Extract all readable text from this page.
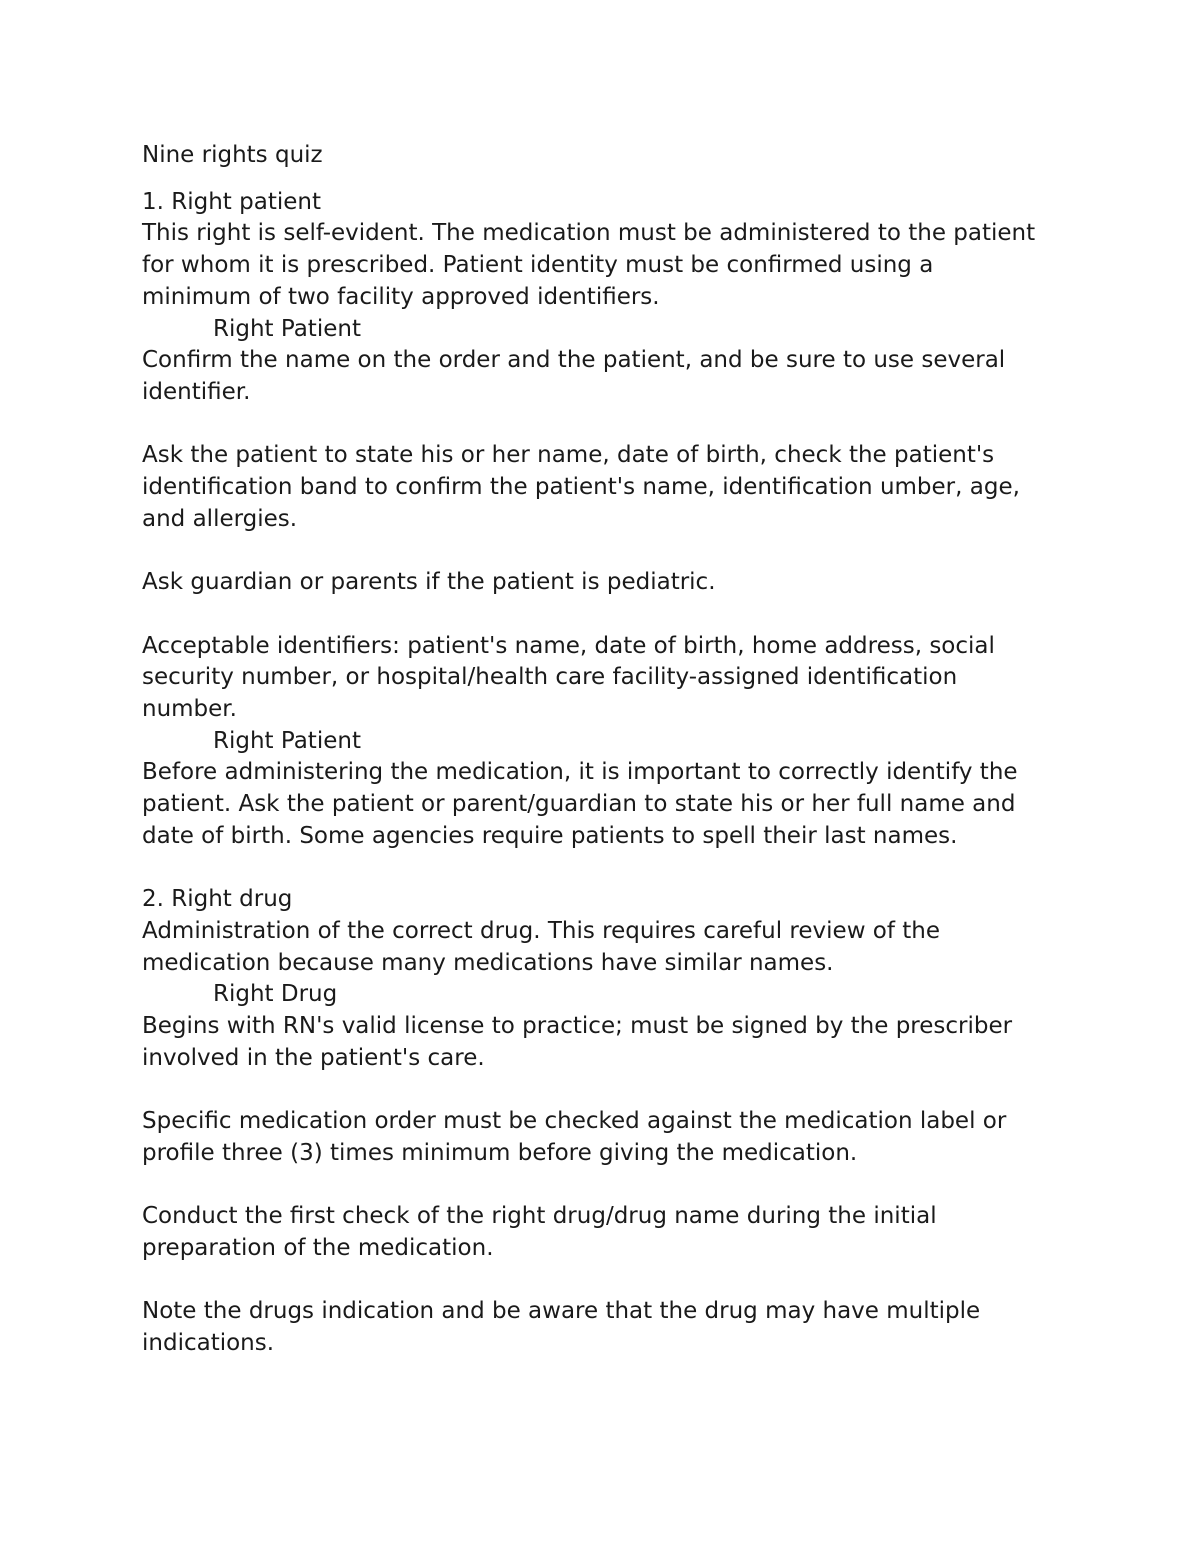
Nine rights quiz
1. Right patient
This right is self-evident. The medication must be administered to the patient
for whom it is prescribed. Patient identity must be confirmed using a
minimum of two facility approved identifiers.
Right Patient
Confirm the name on the order and the patient, and be sure to use several
identifier.
Ask the patient to state his or her name, date of birth, check the patient's
identification band to confirm the patient's name, identification umber, age,
and allergies.
Ask guardian or parents if the patient is pediatric.
Acceptable identifiers: patient's name, date of birth, home address, social
security number, or hospital/health care facility-assigned identification
number.
Right Patient
Before administering the medication, it is important to correctly identify the
patient. Ask the patient or parent/guardian to state his or her full name and
date of birth. Some agencies require patients to spell their last names.
2. Right drug
Administration of the correct drug. This requires careful review of the
medication because many medications have similar names.
Right Drug
Begins with RN's valid license to practice; must be signed by the prescriber
involved in the patient's care.
Specific medication order must be checked against the medication label or
profile three (3) times minimum before giving the medication.
Conduct the first check of the right drug/drug name during the initial
preparation of the medication.
Note the drugs indication and be aware that the drug may have multiple
indications.
